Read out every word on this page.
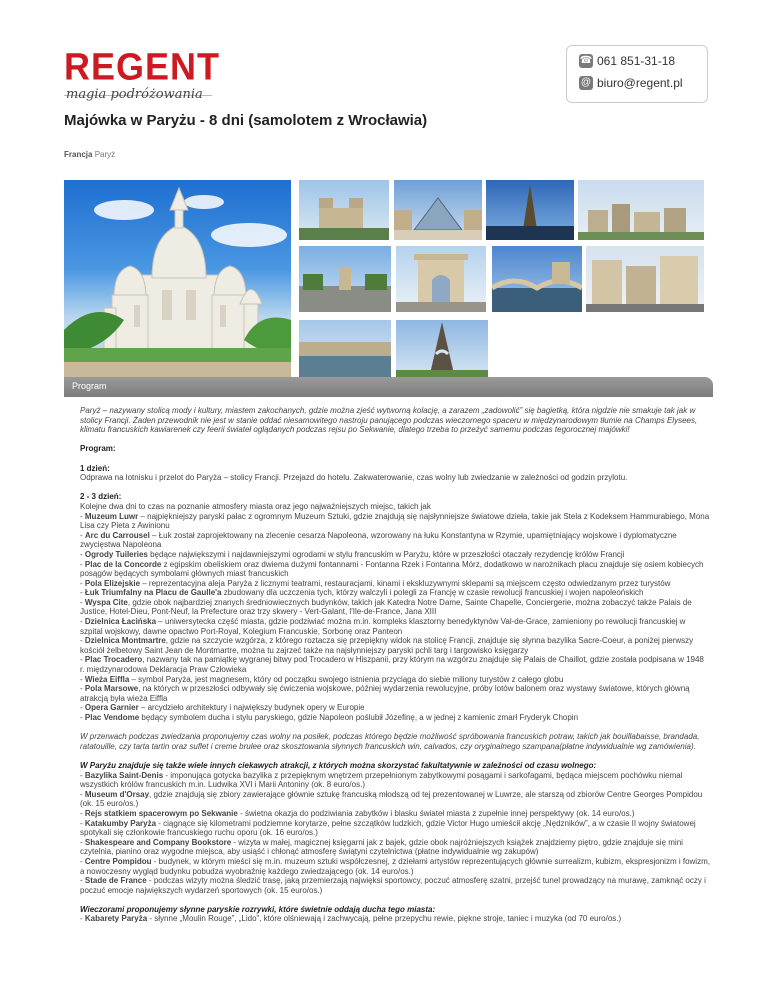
REGENT
magia podróżowania
☎ 061 851-31-18
@ biuro@regent.pl
Majówka w Paryżu - 8 dni (samolotem z Wrocławia)
Francja Paryż
Program

Paryż – nazywany stolicą mody i kultury, miastem zakochanych, gdzie można zjeść wytworną kolację, a zarazem „zadowolić” się bagietką, która nigdzie nie smakuje tak jak w stolicy Francji. Żaden przewodnik nie jest w stanie oddać niesamowitego nastroju panującego podczas wieczornego spaceru w międzynarodowym tłumie na Champs Elysees, klimatu francuskich kawiarenek czy feerii świateł oglądanych podczas rejsu po Sekwanie, dlatego trzeba to przeżyć samemu podczas tegorocznej majówki!

Program:

1 dzień:

Odprawa na lotnisku i przelot do Paryża – stolicy Francji. Przejazd do hotelu. Zakwaterowanie, czas wolny lub zwiedzanie w zależności od godzin przylotu.

2 - 3 dzień:

Kolejne dwa dni to czas na poznanie atmosfery miasta oraz jego najważniejszych miejsc, takich jak

- Muzeum Luwr – najpiękniejszy paryski pałac z ogromnym Muzeum Sztuki, gdzie znajdują się najsłynniejsze światowe dzieła, takie jak Stela z Kodeksem Hammurabiego, Mona Lisa czy Pieta z Awinionu

- Arc du Carrousel – Łuk został zaprojektowany na zlecenie cesarza Napoleona, wzorowany na łuku Konstantyna w Rzymie, upamiętniający wojskowe i dyplomatyczne zwycięstwa Napoleona

- Ogrody Tuileries będące największymi i najdawniejszymi ogrodami w stylu francuskim w Paryżu, które w przeszłości otaczały rezydencję królów Francji

- Plac de la Concorde z egipskim obeliskiem oraz dwiema dużymi fontannami - Fontanna Rzek i Fontanna Mórz, dodatkowo w narożnikach placu znajduje się osiem kobiecych posągów będących symbolami głównych miast francuskich

- Pola Elizejskie – reprezentacyjna aleja Paryża z licznymi teatrami, restauracjami, kinami i ekskluzywnymi sklepami są miejscem często odwiedzanym przez turystów

- Łuk Triumfalny na Placu de Gaulle'a zbudowany dla uczczenia tych, którzy walczyli i polegli za Francję w czasie rewolucji francuskiej i wojen napoleońskich

- Wyspa Cite, gdzie obok najbardziej znanych średniowiecznych budynków, takich jak Katedra Notre Dame, Sainte Chapelle, Conciergerie, można zobaczyć także Palais de Justice, Hotel-Dieu, Pont-Neuf, la Prefecture oraz trzy skwery - Vert-Galant, l'Ile-de-France, Jana XIII

- Dzielnica Łacińska – uniwersytecka część miasta, gdzie podziwiać można m.in. kompleks klasztorny benedyktynów Val-de-Grace, zamieniony po rewolucji francuskiej w szpital wojskowy, dawne opactwo Port-Royal, Kolegium Francuskie, Sorbonę oraz Panteon

- Dzielnica Montmartre, gdzie na szczycie wzgórza, z którego roztacza się przepiękny widok na stolicę Francji, znajduje się słynna bazylika Sacre-Coeur, a poniżej pierwszy kościół żelbetowy Saint Jean de Montmartre, można tu zajrzeć także na najsłynniejszy paryski pchli targ i targowisko księgarzy

- Plac Trocadero, nazwany tak na pamiątkę wygranej bitwy pod Trocadero w Hiszpanii, przy którym na wzgórzu znajduje się Palais de Chaillot, gdzie została podpisana w 1948 r. międzynarodowa Deklaracja Praw Człowieka

- Wieża Eiffla – symbol Paryża, jest magnesem, który od początku swojego istnienia przyciąga do siebie miliony turystów z całego globu

- Pola Marsowe, na których w przeszłości odbywały się ćwiczenia wojskowe, później wydarzenia rewolucyjne, próby lotów balonem oraz wystawy światowe, których główną atrakcją była wieża Eiffla

- Opera Garnier – arcydzieło architektury i największy budynek opery w Europie

- Plac Vendome będący symbolem ducha i stylu paryskiego, gdzie Napoleon poślubił Józefinę, a w jednej z kamienic zmarł Fryderyk Chopin

W przerwach podczas zwiedzania proponujemy czas wolny na posiłek, podczas którego będzie możliwość spróbowania francuskich potraw, takich jak bouillabaisse, brandada, ratatouille, czy tarta tartin oraz suflet i creme brulee oraz skosztowania słynnych francuskich win, calvados, czy oryginalnego szampana(płatne indywidualnie wg zamówienia).

W Paryżu znajduje się także wiele innych ciekawych atrakcji, z których można skorzystać fakultatywnie w zależności od czasu wolnego:

- Bazylika Saint-Denis - imponująca gotycka bazylika z przepięknym wnętrzem przepełnionym zabytkowymi posągami i sarkofagami, będąca miejscem pochówku niemal wszystkich królów francuskich m.in. Ludwika XVI i Marii Antoniny (ok. 8 euro/os.)

- Museum d'Orsay, gdzie znajdują się zbiory zawierające głównie sztukę francuską młodszą od tej prezentowanej w Luwrze, ale starszą od zbiorów Centre Georges Pompidou (ok. 15 euro/os.)

- Rejs statkiem spacerowym po Sekwanie - świetna okazja do podziwiania zabytków i blasku świateł miasta z zupełnie innej perspektywy (ok. 14 euro/os.)

- Katakumby Paryża - ciągnące się kilometrami podziemne korytarze, pełne szczątków ludzkich, gdzie Victor Hugo umieścił akcję „Nędzników”, a w czasie II wojny światowej spotykali się członkowie francuskiego ruchu oporu (ok. 16 euro/os.)

- Shakespeare and Company Bookstore - wizyta w małej, magicznej księgarni jak z bajek, gdzie obok najróżniejszych książek znajdziemy piętro, gdzie znajduje się mini czytelnia, pianino oraz wygodne miejsca, aby usiąść i chłonąć atmosferę świątyni czytelnictwa (płatne indywidualnie wg zakupów)

- Centre Pompidou - budynek, w którym mieści się m.in. muzeum sztuki współczesnej, z dziełami artystów reprezentujących głównie surrealizm, kubizm, ekspresjonizm i fowizm, a nowoczesny wygląd budynku pobudza wyobraźnię każdego zwiedzającego (ok. 14 euro/os.)

- Stade de France - podczas wizyty można śledzić trasę, jaką przemierzają najwięksi sportowcy, poczuć atmosferę szatni, przejść tunel prowadzący na murawę, zamknąć oczy i poczuć emocje największych wydarzeń sportowych (ok. 15 euro/os.)

Wieczorami proponujemy słynne paryskie rozrywki, które świetnie oddają ducha tego miasta:

- Kabarety Paryża - słynne „Moulin Rouge”, „Lido”, które olśniewają i zachwycają, pełne przepychu rewie, piękne stroje, taniec i muzyka (od 70 euro/os.)
